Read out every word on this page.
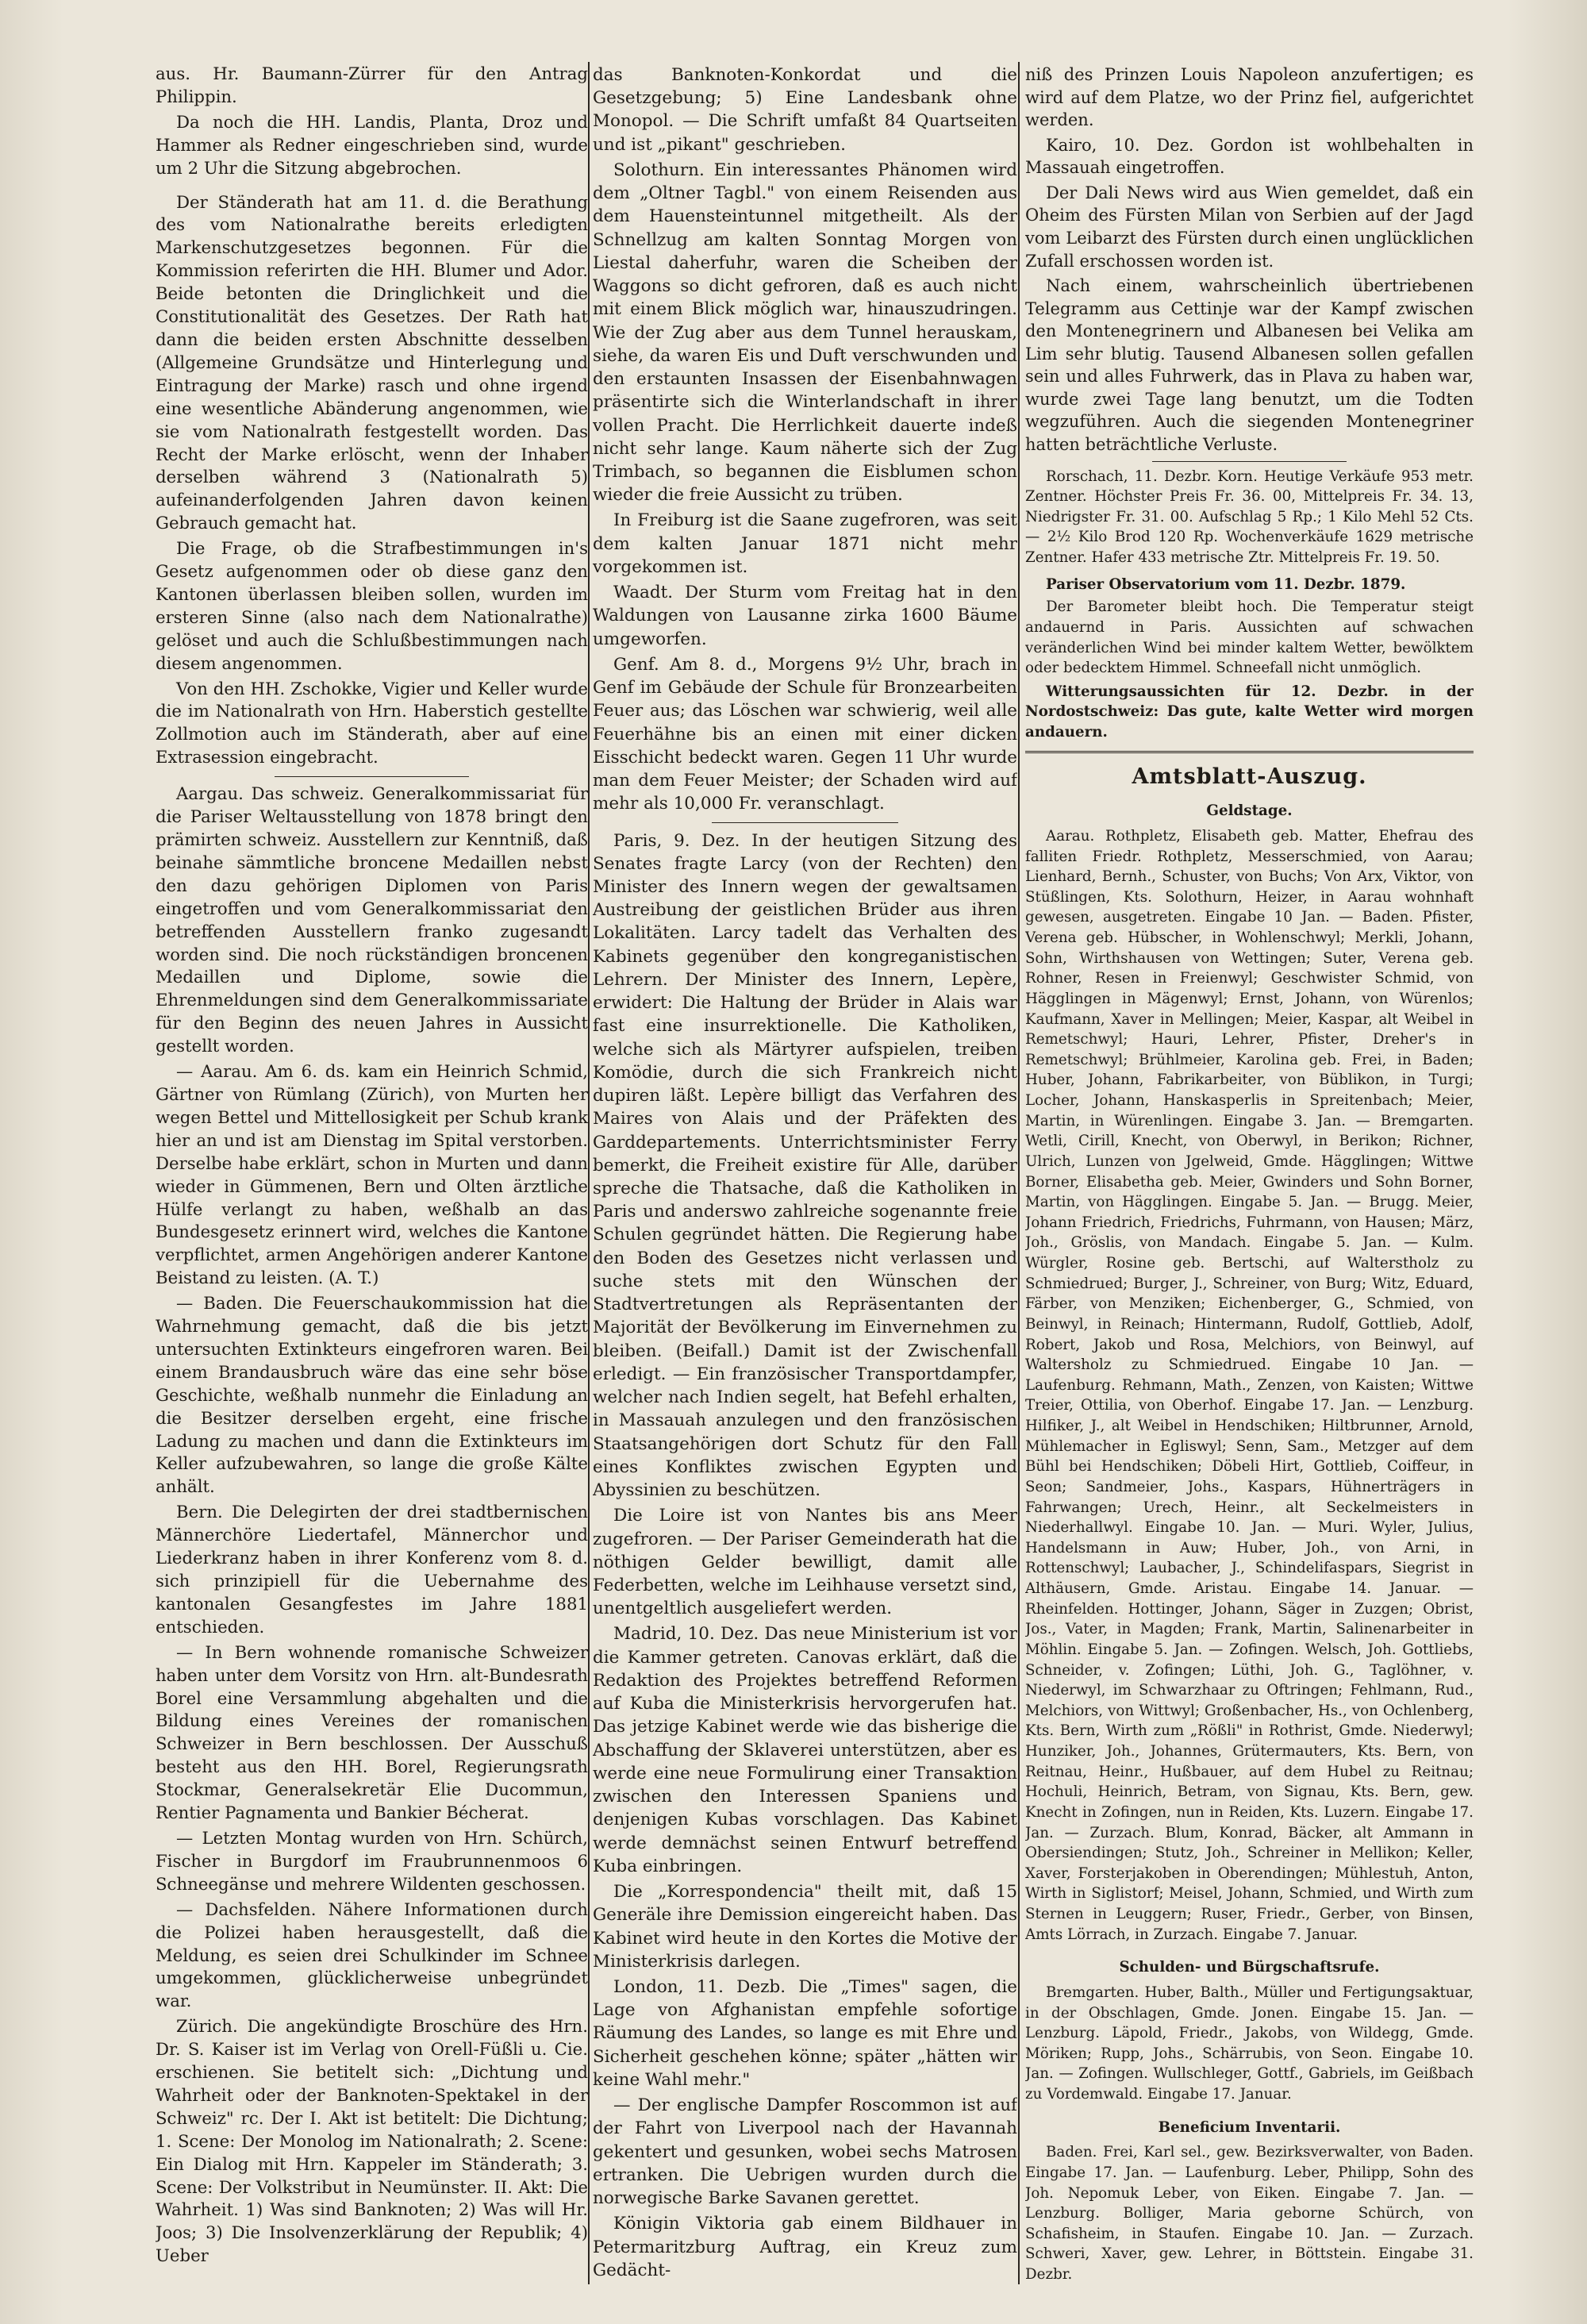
aus. Hr. Baumann-Zürrer für den Antrag Philippin.

Da noch die HH. Landis, Planta, Droz und Hammer als Redner eingeschrieben sind, wurde um 2 Uhr die Sitzung abgebrochen.

Der Ständerath hat am 11. d. die Berathung des vom Nationalrathe bereits erledigten Markenschutzgesetzes begonnen. Für die Kommission referirten die HH. Blumer und Ador. Beide betonten die Dringlichkeit und die Constitutionalität des Gesetzes. Der Rath hat dann die beiden ersten Abschnitte desselben (Allgemeine Grundsätze und Hinterlegung und Eintragung der Marke) rasch und ohne irgend eine wesentliche Abänderung angenommen, wie sie vom Nationalrath festgestellt worden. Das Recht der Marke erlöscht, wenn der Inhaber derselben während 3 (Nationalrath 5) aufeinanderfolgenden Jahren davon keinen Gebrauch gemacht hat.

Die Frage, ob die Strafbestimmungen in's Gesetz aufgenommen oder ob diese ganz den Kantonen überlassen bleiben sollen, wurden im ersteren Sinne (also nach dem Nationalrathe) gelöset und auch die Schlußbestimmungen nach diesem angenommen.

Von den HH. Zschokke, Vigier und Keller wurde die im Nationalrath von Hrn. Haberstich gestellte Zollmotion auch im Ständerath, aber auf eine Extrasession eingebracht.

Aargau. Das schweiz. Generalkommissariat für die Pariser Weltausstellung von 1878 bringt den prämirten schweiz. Ausstellern zur Kenntniß, daß beinahe sämmtliche broncene Medaillen nebst den dazu gehörigen Diplomen von Paris eingetroffen und vom Generalkommissariat den betreffenden Ausstellern franko zugesandt worden sind. Die noch rückständigen broncenen Medaillen und Diplome, sowie die Ehrenmeldungen sind dem Generalkommissariate für den Beginn des neuen Jahres in Aussicht gestellt worden.

— Aarau. Am 6. ds. kam ein Heinrich Schmid, Gärtner von Rümlang (Zürich), von Murten her wegen Bettel und Mittellosigkeit per Schub krank hier an und ist am Dienstag im Spital verstorben. Derselbe habe erklärt, schon in Murten und dann wieder in Gümmenen, Bern und Olten ärztliche Hülfe verlangt zu haben, weßhalb an das Bundesgesetz erinnert wird, welches die Kantone verpflichtet, armen Angehörigen anderer Kantone Beistand zu leisten. (A. T.)

— Baden. Die Feuerschaukommission hat die Wahrnehmung gemacht, daß die bis jetzt untersuchten Extinkteurs eingefroren waren. Bei einem Brandausbruch wäre das eine sehr böse Geschichte, weßhalb nunmehr die Einladung an die Besitzer derselben ergeht, eine frische Ladung zu machen und dann die Extinkteurs im Keller aufzubewahren, so lange die große Kälte anhält.

Bern. Die Delegirten der drei stadtbernischen Männerchöre Liedertafel, Männerchor und Liederkranz haben in ihrer Konferenz vom 8. d. sich prinzipiell für die Uebernahme des kantonalen Gesangfestes im Jahre 1881 entschieden.

— In Bern wohnende romanische Schweizer haben unter dem Vorsitz von Hrn. alt-Bundesrath Borel eine Versammlung abgehalten und die Bildung eines Vereines der romanischen Schweizer in Bern beschlossen. Der Ausschuß besteht aus den HH. Borel, Regierungsrath Stockmar, Generalsekretär Elie Ducommun, Rentier Pagnamenta und Bankier Bécherat.

— Letzten Montag wurden von Hrn. Schürch, Fischer in Burgdorf im Fraubrunnenmoos 6 Schneegänse und mehrere Wildenten geschossen.

— Dachsfelden. Nähere Informationen durch die Polizei haben herausgestellt, daß die Meldung, es seien drei Schulkinder im Schnee umgekommen, glücklicherweise unbegründet war.

Zürich. Die angekündigte Broschüre des Hrn. Dr. S. Kaiser ist im Verlag von Orell-Füßli u. Cie. erschienen. Sie betitelt sich: „Dichtung und Wahrheit oder der Banknoten-Spektakel in der Schweiz" rc. Der I. Akt ist betitelt: Die Dichtung; 1. Scene: Der Monolog im Nationalrath; 2. Scene: Ein Dialog mit Hrn. Kappeler im Ständerath; 3. Scene: Der Volkstribut in Neumünster. II. Akt: Die Wahrheit. 1) Was sind Banknoten; 2) Was will Hr. Joos; 3) Die Insolvenzerklärung der Republik; 4) Ueber

das Banknoten-Konkordat und die Gesetzgebung; 5) Eine Landesbank ohne Monopol. — Die Schrift umfaßt 84 Quartseiten und ist „pikant" geschrieben.

Solothurn. Ein interessantes Phänomen wird dem „Oltner Tagbl." von einem Reisenden aus dem Hauensteintunnel mitgetheilt. Als der Schnellzug am kalten Sonntag Morgen von Liestal daherfuhr, waren die Scheiben der Waggons so dicht gefroren, daß es auch nicht mit einem Blick möglich war, hinauszudringen. Wie der Zug aber aus dem Tunnel herauskam, siehe, da waren Eis und Duft verschwunden und den erstaunten Insassen der Eisenbahnwagen präsentirte sich die Winterlandschaft in ihrer vollen Pracht. Die Herrlichkeit dauerte indeß nicht sehr lange. Kaum näherte sich der Zug Trimbach, so begannen die Eisblumen schon wieder die freie Aussicht zu trüben.

In Freiburg ist die Saane zugefroren, was seit dem kalten Januar 1871 nicht mehr vorgekommen ist.

Waadt. Der Sturm vom Freitag hat in den Waldungen von Lausanne zirka 1600 Bäume umgeworfen.

Genf. Am 8. d., Morgens 9½ Uhr, brach in Genf im Gebäude der Schule für Bronzearbeiten Feuer aus; das Löschen war schwierig, weil alle Feuerhähne bis an einen mit einer dicken Eisschicht bedeckt waren. Gegen 11 Uhr wurde man dem Feuer Meister; der Schaden wird auf mehr als 10,000 Fr. veranschlagt.

Paris, 9. Dez. In der heutigen Sitzung des Senates fragte Larcy (von der Rechten) den Minister des Innern wegen der gewaltsamen Austreibung der geistlichen Brüder aus ihren Lokalitäten. Larcy tadelt das Verhalten des Kabinets gegenüber den kongreganistischen Lehrern. Der Minister des Innern, Lepère, erwidert: Die Haltung der Brüder in Alais war fast eine insurrektionelle. Die Katholiken, welche sich als Märtyrer aufspielen, treiben Komödie, durch die sich Frankreich nicht dupiren läßt. Lepère billigt das Verfahren des Maires von Alais und der Präfekten des Garddepartements. Unterrichtsminister Ferry bemerkt, die Freiheit existire für Alle, darüber spreche die Thatsache, daß die Katholiken in Paris und anderswo zahlreiche sogenannte freie Schulen gegründet hätten. Die Regierung habe den Boden des Gesetzes nicht verlassen und suche stets mit den Wünschen der Stadtvertretungen als Repräsentanten der Majorität der Bevölkerung im Einvernehmen zu bleiben. (Beifall.) Damit ist der Zwischenfall erledigt. — Ein französischer Transportdampfer, welcher nach Indien segelt, hat Befehl erhalten, in Massauah anzulegen und den französischen Staatsangehörigen dort Schutz für den Fall eines Konfliktes zwischen Egypten und Abyssinien zu beschützen.

Die Loire ist von Nantes bis ans Meer zugefroren. — Der Pariser Gemeinderath hat die nöthigen Gelder bewilligt, damit alle Federbetten, welche im Leihhause versetzt sind, unentgeltlich ausgeliefert werden.

Madrid, 10. Dez. Das neue Ministerium ist vor die Kammer getreten. Canovas erklärt, daß die Redaktion des Projektes betreffend Reformen auf Kuba die Ministerkrisis hervorgerufen hat. Das jetzige Kabinet werde wie das bisherige die Abschaffung der Sklaverei unterstützen, aber es werde eine neue Formulirung einer Transaktion zwischen den Interessen Spaniens und denjenigen Kubas vorschlagen. Das Kabinet werde demnächst seinen Entwurf betreffend Kuba einbringen.

Die „Korrespondencia" theilt mit, daß 15 Generäle ihre Demission eingereicht haben. Das Kabinet wird heute in den Kortes die Motive der Ministerkrisis darlegen.

London, 11. Dezb. Die „Times" sagen, die Lage von Afghanistan empfehle sofortige Räumung des Landes, so lange es mit Ehre und Sicherheit geschehen könne; später „hätten wir keine Wahl mehr."

— Der englische Dampfer Roscommon ist auf der Fahrt von Liverpool nach der Havannah gekentert und gesunken, wobei sechs Matrosen ertranken. Die Uebrigen wurden durch die norwegische Barke Savanen gerettet.

Königin Viktoria gab einem Bildhauer in Petermaritzburg Auftrag, ein Kreuz zum Gedächt-

niß des Prinzen Louis Napoleon anzufertigen; es wird auf dem Platze, wo der Prinz fiel, aufgerichtet werden.

Kairo, 10. Dez. Gordon ist wohlbehalten in Massauah eingetroffen.

Der Dali News wird aus Wien gemeldet, daß ein Oheim des Fürsten Milan von Serbien auf der Jagd vom Leibarzt des Fürsten durch einen unglücklichen Zufall erschossen worden ist.

Nach einem, wahrscheinlich übertriebenen Telegramm aus Cettinje war der Kampf zwischen den Montenegrinern und Albanesen bei Velika am Lim sehr blutig. Tausend Albanesen sollen gefallen sein und alles Fuhrwerk, das in Plava zu haben war, wurde zwei Tage lang benutzt, um die Todten wegzuführen. Auch die siegenden Montenegriner hatten beträchtliche Verluste.

Rorschach, 11. Dezbr. Korn. Heutige Verkäufe 953 metr. Zentner. Höchster Preis Fr. 36. 00, Mittelpreis Fr. 34. 13, Niedrigster Fr. 31. 00. Aufschlag 5 Rp.; 1 Kilo Mehl 52 Cts. — 2½ Kilo Brod 120 Rp. Wochenverkäufe 1629 metrische Zentner. Hafer 433 metrische Ztr. Mittelpreis Fr. 19. 50.

Pariser Observatorium vom 11. Dezbr. 1879.

Der Barometer bleibt hoch. Die Temperatur steigt andauernd in Paris. Aussichten auf schwachen veränderlichen Wind bei minder kaltem Wetter, bewölktem oder bedecktem Himmel. Schneefall nicht unmöglich.

Witterungsaussichten für 12. Dezbr. in der Nordostschweiz: Das gute, kalte Wetter wird morgen andauern.

Amtsblatt-Auszug.

Geldstage.

Aarau. Rothpletz, Elisabeth geb. Matter, Ehefrau des falliten Friedr. Rothpletz, Messerschmied, von Aarau; Lienhard, Bernh., Schuster, von Buchs; Von Arx, Viktor, von Stüßlingen, Kts. Solothurn, Heizer, in Aarau wohnhaft gewesen, ausgetreten. Eingabe 10 Jan. — Baden. Pfister, Verena geb. Hübscher, in Wohlenschwyl; Merkli, Johann, Sohn, Wirthshausen von Wettingen; Suter, Verena geb. Rohner, Resen in Freienwyl; Geschwister Schmid, von Hägglingen in Mägenwyl; Ernst, Johann, von Würenlos; Kaufmann, Xaver in Mellingen; Meier, Kaspar, alt Weibel in Remetschwyl; Hauri, Lehrer, Pfister, Dreher's in Remetschwyl; Brühlmeier, Karolina geb. Frei, in Baden; Huber, Johann, Fabrikarbeiter, von Büblikon, in Turgi; Locher, Johann, Hanskasperlis in Spreitenbach; Meier, Martin, in Würenlingen. Eingabe 3. Jan. — Bremgarten. Wetli, Cirill, Knecht, von Oberwyl, in Berikon; Richner, Ulrich, Lunzen von Jgelweid, Gmde. Hägglingen; Wittwe Borner, Elisabetha geb. Meier, Gwinders und Sohn Borner, Martin, von Hägglingen. Eingabe 5. Jan. — Brugg. Meier, Johann Friedrich, Friedrichs, Fuhrmann, von Hausen; März, Joh., Gröslis, von Mandach. Eingabe 5. Jan. — Kulm. Würgler, Rosine geb. Bertschi, auf Walterstholz zu Schmiedrued; Burger, J., Schreiner, von Burg; Witz, Eduard, Färber, von Menziken; Eichenberger, G., Schmied, von Beinwyl, in Reinach; Hintermann, Rudolf, Gottlieb, Adolf, Robert, Jakob und Rosa, Melchiors, von Beinwyl, auf Waltersholz zu Schmiedrued. Eingabe 10 Jan. — Laufenburg. Rehmann, Math., Zenzen, von Kaisten; Wittwe Treier, Ottilia, von Oberhof. Eingabe 17. Jan. — Lenzburg. Hilfiker, J., alt Weibel in Hendschiken; Hiltbrunner, Arnold, Mühlemacher in Egliswyl; Senn, Sam., Metzger auf dem Bühl bei Hendschiken; Döbeli Hirt, Gottlieb, Coiffeur, in Seon; Sandmeier, Johs., Kaspars, Hühnerträgers in Fahrwangen; Urech, Heinr., alt Seckelmeisters in Niederhallwyl. Eingabe 10. Jan. — Muri. Wyler, Julius, Handelsmann in Auw; Huber, Joh., von Arni, in Rottenschwyl; Laubacher, J., Schindelifaspars, Siegrist in Althäusern, Gmde. Aristau. Eingabe 14. Januar. — Rheinfelden. Hottinger, Johann, Säger in Zuzgen; Obrist, Jos., Vater, in Magden; Frank, Martin, Salinenarbeiter in Möhlin. Eingabe 5. Jan. — Zofingen. Welsch, Joh. Gottliebs, Schneider, v. Zofingen; Lüthi, Joh. G., Taglöhner, v. Niederwyl, im Schwarzhaar zu Oftringen; Fehlmann, Rud., Melchiors, von Wittwyl; Großenbacher, Hs., von Ochlenberg, Kts. Bern, Wirth zum „Rößli" in Rothrist, Gmde. Niederwyl; Hunziker, Joh., Johannes, Grütermauters, Kts. Bern, von Reitnau, Heinr., Hußbauer, auf dem Hubel zu Reitnau; Hochuli, Heinrich, Betram, von Signau, Kts. Bern, gew. Knecht in Zofingen, nun in Reiden, Kts. Luzern. Eingabe 17. Jan. — Zurzach. Blum, Konrad, Bäcker, alt Ammann in Obersiendingen; Stutz, Joh., Schreiner in Mellikon; Keller, Xaver, Forsterjakoben in Oberendingen; Mühlestuh, Anton, Wirth in Siglistorf; Meisel, Johann, Schmied, und Wirth zum Sternen in Leuggern; Ruser, Friedr., Gerber, von Binsen, Amts Lörrach, in Zurzach. Eingabe 7. Januar.

Schulden- und Bürgschaftsrufe.

Bremgarten. Huber, Balth., Müller und Fertigungsaktuar, in der Obschlagen, Gmde. Jonen. Eingabe 15. Jan. — Lenzburg. Läpold, Friedr., Jakobs, von Wildegg, Gmde. Möriken; Rupp, Johs., Schärrubis, von Seon. Eingabe 10. Jan. — Zofingen. Wullschleger, Gottf., Gabriels, im Geißbach zu Vordemwald. Eingabe 17. Januar.

Beneficium Inventarii.

Baden. Frei, Karl sel., gew. Bezirksverwalter, von Baden. Eingabe 17. Jan. — Laufenburg. Leber, Philipp, Sohn des Joh. Nepomuk Leber, von Eiken. Eingabe 7. Jan. — Lenzburg. Bolliger, Maria geborne Schürch, von Schafisheim, in Staufen. Eingabe 10. Jan. — Zurzach. Schweri, Xaver, gew. Lehrer, in Böttstein. Eingabe 31. Dezbr.
